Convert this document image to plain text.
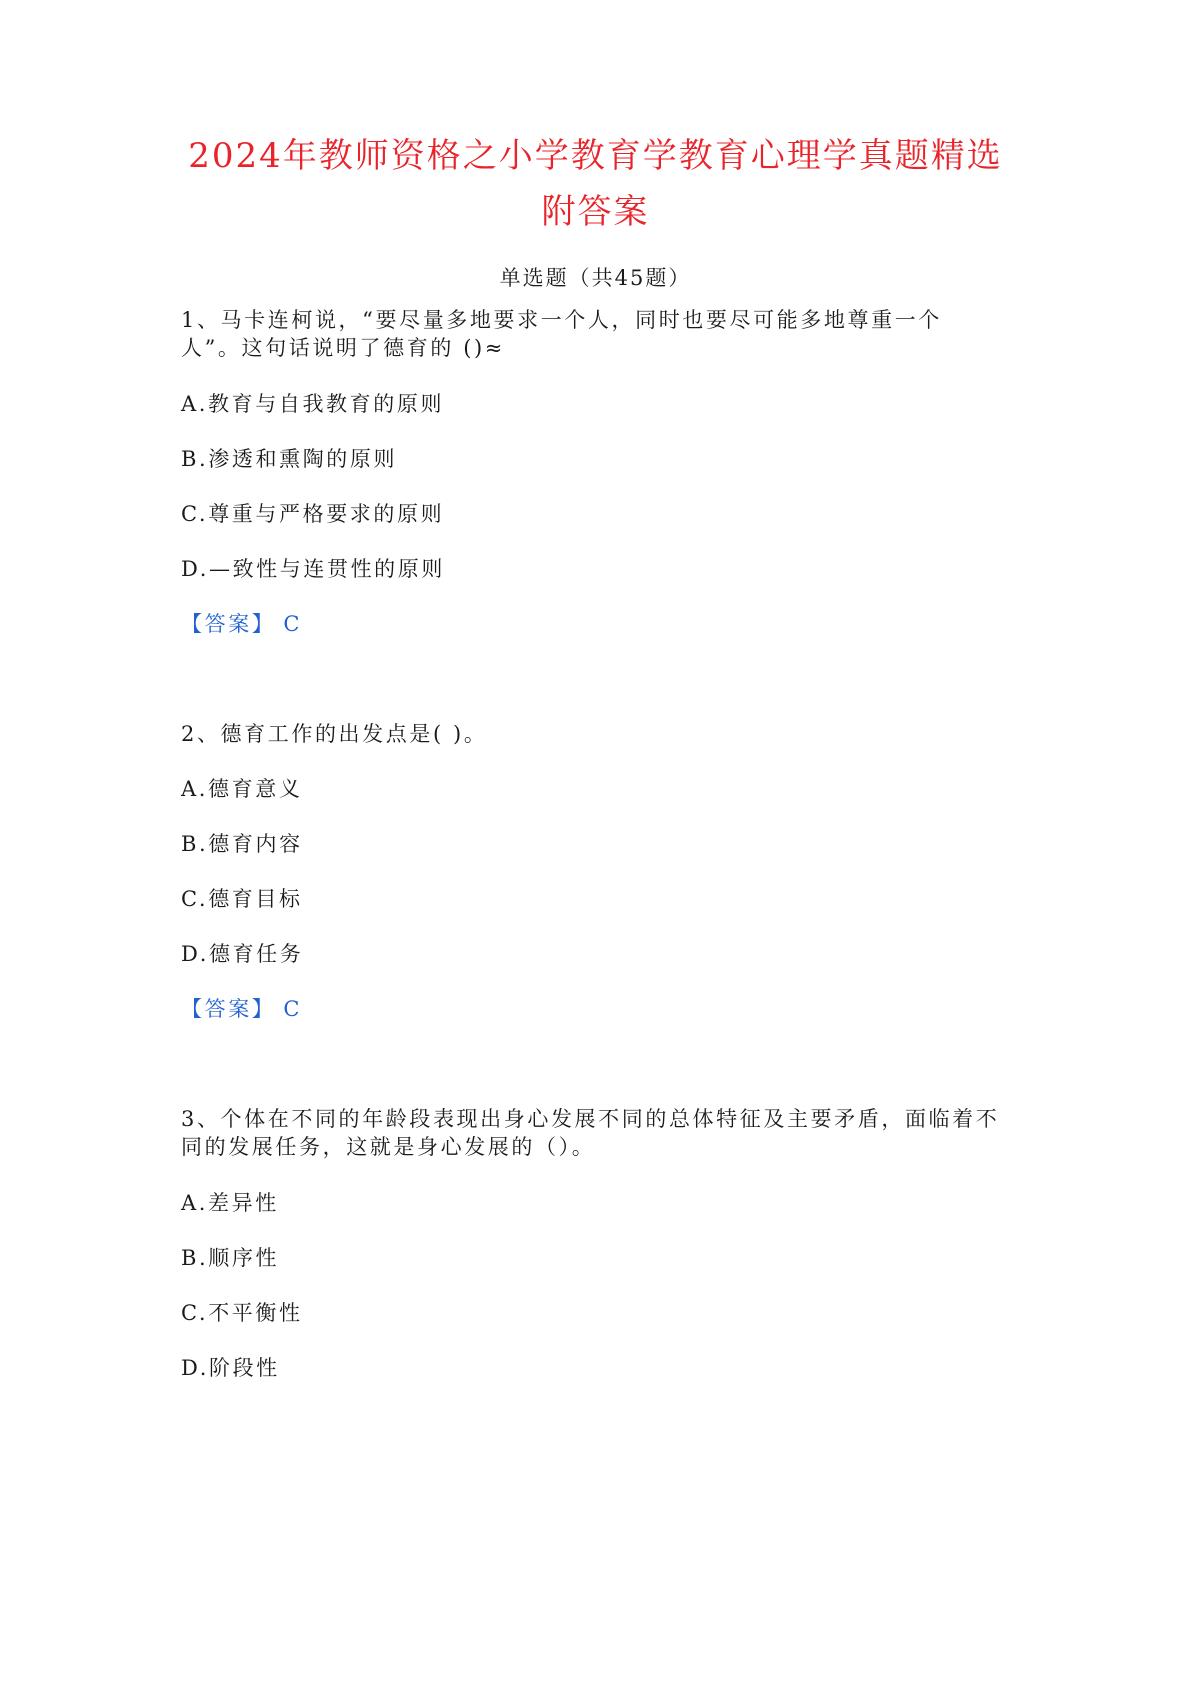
2024年教师资格之小学教育学教育心理学真题精选
附答案
单选题（共45题）
1、马卡连柯说，“要尽量多地要求一个人，同时也要尽可能多地尊重一个
人”。这句话说明了德育的 ()≈
A.教育与自我教育的原则
B.渗透和熏陶的原则
C.尊重与严格要求的原则
D.—致性与连贯性的原则
【答案】 C
2、德育工作的出发点是( )。
A.德育意义
B.德育内容
C.德育目标
D.德育任务
【答案】 C
3、个体在不同的年龄段表现出身心发展不同的总体特征及主要矛盾，面临着不
同的发展任务，这就是身心发展的（）。
A.差异性
B.顺序性
C.不平衡性
D.阶段性
